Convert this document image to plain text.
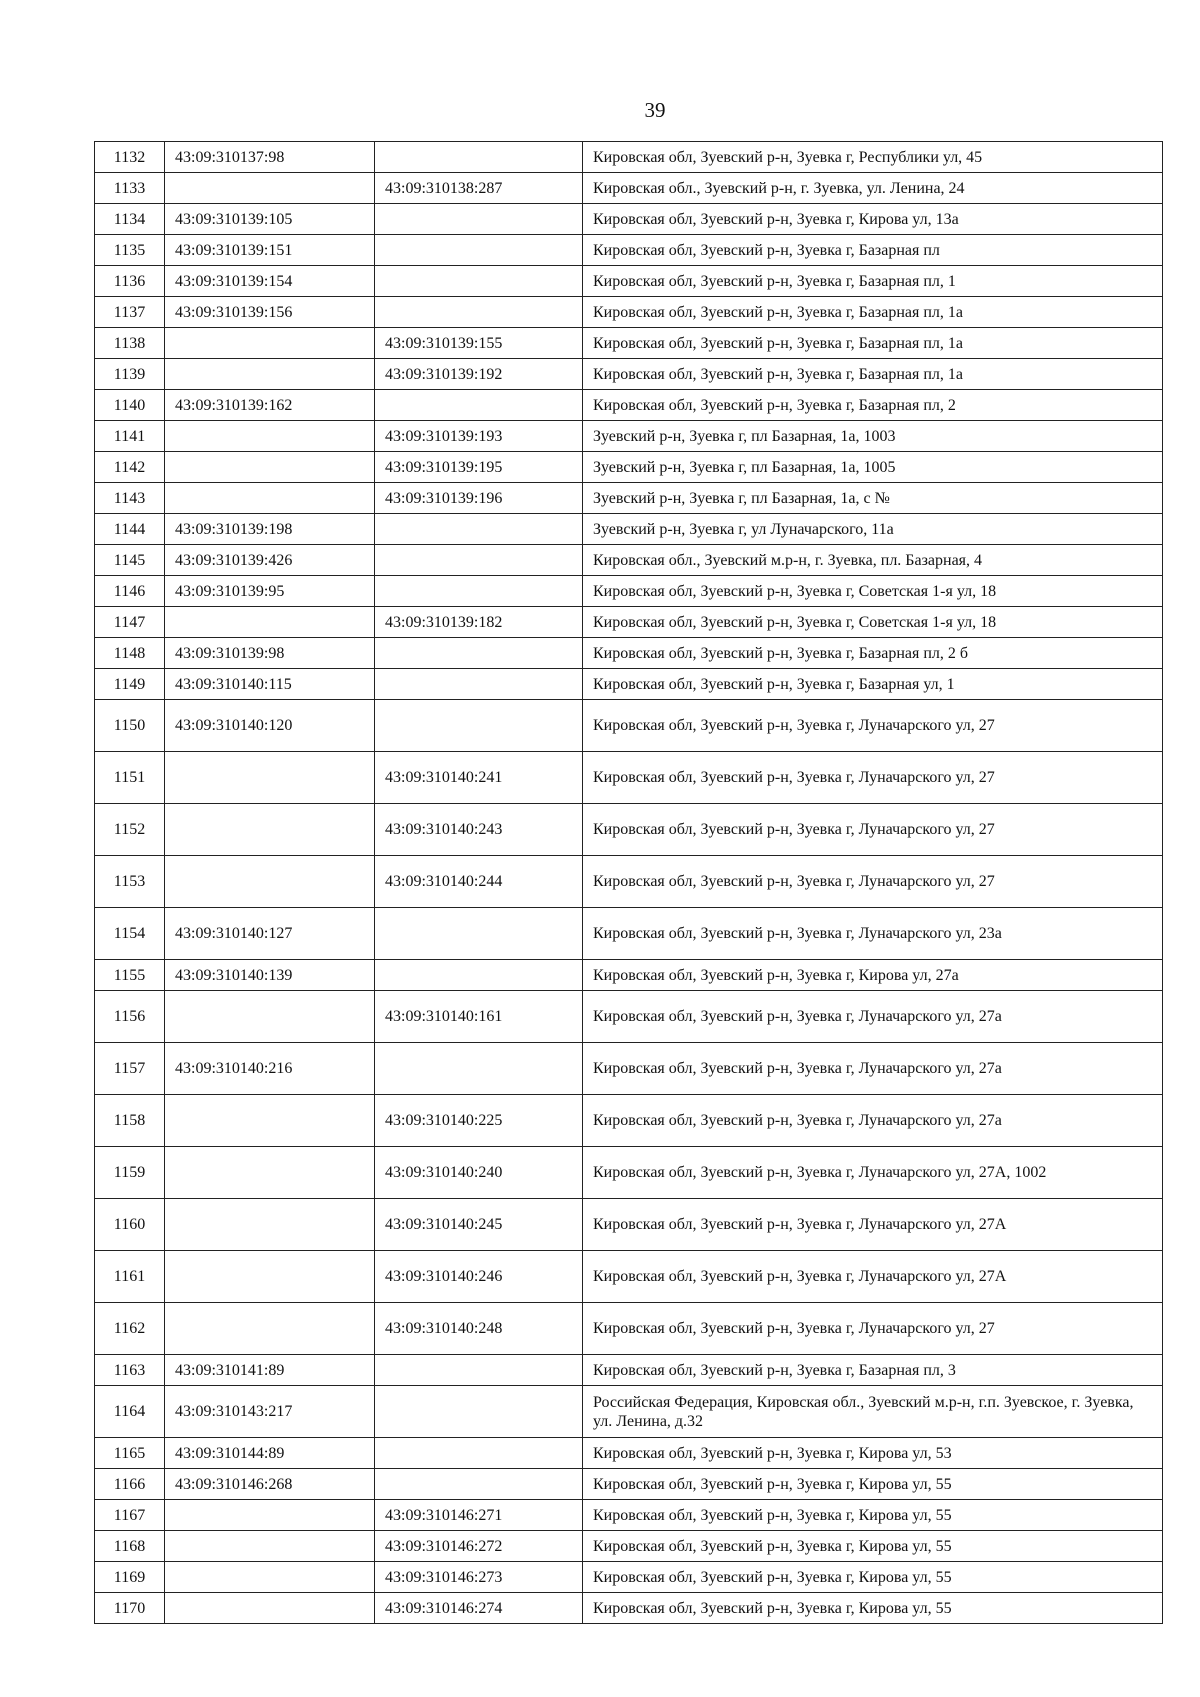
39
1132	43:09:310137:98		Кировская обл, Зуевский р-н, Зуевка г, Республики ул, 45
1133		43:09:310138:287	Кировская обл., Зуевский р-н, г. Зуевка, ул. Ленина, 24
1134	43:09:310139:105		Кировская обл, Зуевский р-н, Зуевка г, Кирова ул, 13а
1135	43:09:310139:151		Кировская обл, Зуевский р-н, Зуевка г, Базарная пл
1136	43:09:310139:154		Кировская обл, Зуевский р-н, Зуевка г, Базарная пл, 1
1137	43:09:310139:156		Кировская обл, Зуевский р-н, Зуевка г, Базарная пл, 1а
1138		43:09:310139:155	Кировская обл, Зуевский р-н, Зуевка г, Базарная пл, 1а
1139		43:09:310139:192	Кировская обл, Зуевский р-н, Зуевка г, Базарная пл, 1а
1140	43:09:310139:162		Кировская обл, Зуевский р-н, Зуевка г, Базарная пл, 2
1141		43:09:310139:193	Зуевский р-н, Зуевка г, пл Базарная, 1а, 1003
1142		43:09:310139:195	Зуевский р-н, Зуевка г, пл Базарная, 1а, 1005
1143		43:09:310139:196	Зуевский р-н, Зуевка г, пл Базарная, 1а, с №
1144	43:09:310139:198		Зуевский р-н, Зуевка г, ул Луначарского, 11а
1145	43:09:310139:426		Кировская обл., Зуевский м.р-н, г. Зуевка, пл. Базарная, 4
1146	43:09:310139:95		Кировская обл, Зуевский р-н, Зуевка г, Советская 1-я ул, 18
1147		43:09:310139:182	Кировская обл, Зуевский р-н, Зуевка г, Советская 1-я ул, 18
1148	43:09:310139:98		Кировская обл, Зуевский р-н, Зуевка г, Базарная пл, 2 б
1149	43:09:310140:115		Кировская обл, Зуевский р-н, Зуевка г, Базарная ул, 1
1150	43:09:310140:120		Кировская обл, Зуевский р-н, Зуевка г, Луначарского ул, 27
1151		43:09:310140:241	Кировская обл, Зуевский р-н, Зуевка г, Луначарского ул, 27
1152		43:09:310140:243	Кировская обл, Зуевский р-н, Зуевка г, Луначарского ул, 27
1153		43:09:310140:244	Кировская обл, Зуевский р-н, Зуевка г, Луначарского ул, 27
1154	43:09:310140:127		Кировская обл, Зуевский р-н, Зуевка г, Луначарского ул, 23а
1155	43:09:310140:139		Кировская обл, Зуевский р-н, Зуевка г, Кирова ул, 27а
1156		43:09:310140:161	Кировская обл, Зуевский р-н, Зуевка г, Луначарского ул, 27а
1157	43:09:310140:216		Кировская обл, Зуевский р-н, Зуевка г, Луначарского ул, 27а
1158		43:09:310140:225	Кировская обл, Зуевский р-н, Зуевка г, Луначарского ул, 27а
1159		43:09:310140:240	Кировская обл, Зуевский р-н, Зуевка г, Луначарского ул, 27А, 1002
1160		43:09:310140:245	Кировская обл, Зуевский р-н, Зуевка г, Луначарского ул, 27А
1161		43:09:310140:246	Кировская обл, Зуевский р-н, Зуевка г, Луначарского ул, 27А
1162		43:09:310140:248	Кировская обл, Зуевский р-н, Зуевка г, Луначарского ул, 27
1163	43:09:310141:89		Кировская обл, Зуевский р-н, Зуевка г, Базарная пл, 3
1164	43:09:310143:217		Российская Федерация, Кировская обл., Зуевский м.р-н, г.п. Зуевское, г. Зуевка, ул. Ленина, д.32
1165	43:09:310144:89		Кировская обл, Зуевский р-н, Зуевка г, Кирова ул, 53
1166	43:09:310146:268		Кировская обл, Зуевский р-н, Зуевка г, Кирова ул, 55
1167		43:09:310146:271	Кировская обл, Зуевский р-н, Зуевка г, Кирова ул, 55
1168		43:09:310146:272	Кировская обл, Зуевский р-н, Зуевка г, Кирова ул, 55
1169		43:09:310146:273	Кировская обл, Зуевский р-н, Зуевка г, Кирова ул, 55
1170		43:09:310146:274	Кировская обл, Зуевский р-н, Зуевка г, Кирова ул, 55
